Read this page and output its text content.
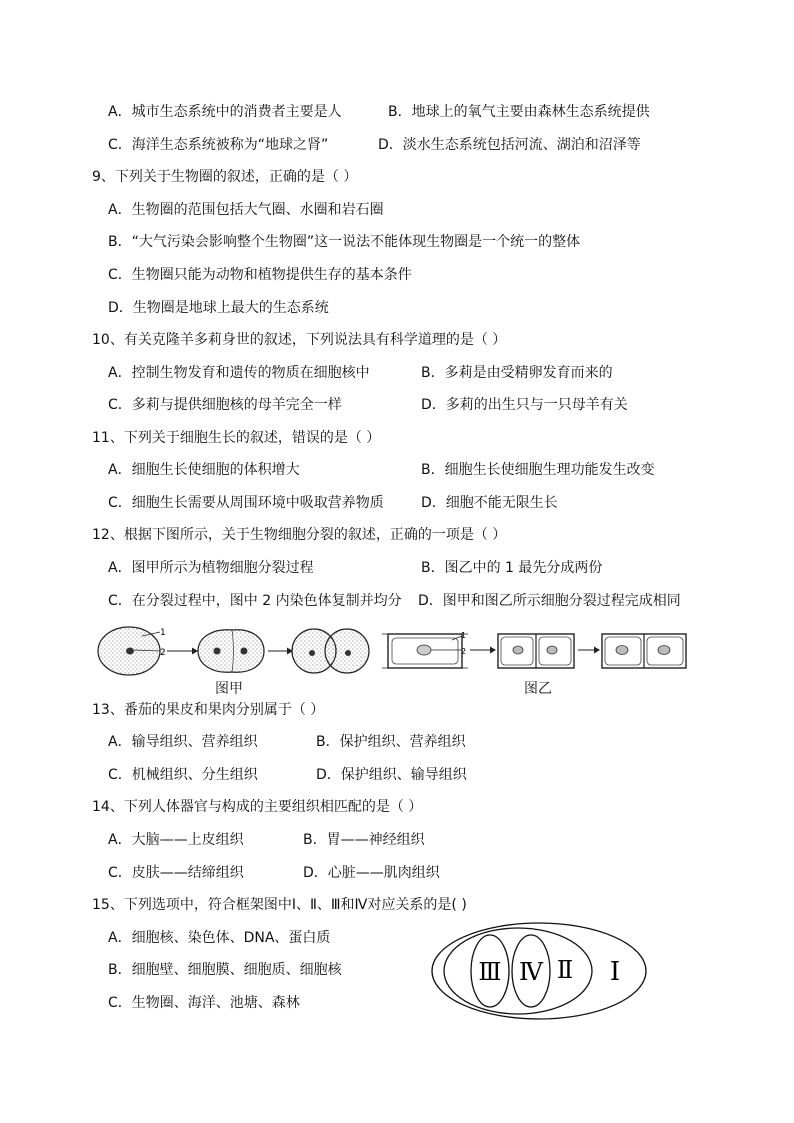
A．城市生态系统中的消费者主要是人	B．地球上的氧气主要由森林生态系统提供
C．海洋生态系统被称为“地球之肾”	D．淡水生态系统包括河流、湖泊和沼泽等
9、下列关于生物圈的叙述，正确的是（ ）
A．生物圈的范围包括大气圈、水圈和岩石圈
B．“大气污染会影响整个生物圈”这一说法不能体现生物圈是一个统一的整体
C．生物圈只能为动物和植物提供生存的基本条件
D．生物圈是地球上最大的生态系统
10、有关克隆羊多莉身世的叙述，下列说法具有科学道理的是（ ）
A．控制生物发育和遗传的物质在细胞核中	B．多莉是由受精卵发育而来的
C．多莉与提供细胞核的母羊完全一样	D．多莉的出生只与一只母羊有关
11、下列关于细胞生长的叙述，错误的是（ ）
A．细胞生长使细胞的体积增大	B．细胞生长使细胞生理功能发生改变
C．细胞生长需要从周围环境中吸取营养物质	D．细胞不能无限生长
12、根据下图所示，关于生物细胞分裂的叙述，正确的一项是（ ）
A．图甲所示为植物细胞分裂过程	B．图乙中的 1 最先分成两份
C．在分裂过程中，图中 2 内染色体复制并均分 D．图甲和图乙所示细胞分裂过程完成相同
1
2
图甲
1
2
图乙
13、番茄的果皮和果肉分别属于（ ）
A．输导组织、营养组织	B．保护组织、营养组织
C．机械组织、分生组织	D．保护组织、输导组织
14、下列人体器官与构成的主要组织相匹配的是（ ）
A．大脑——上皮组织	B．胃——神经组织
C．皮肤——结缔组织	D．心脏——肌肉组织
15、下列选项中，符合框架图中Ⅰ、Ⅱ、Ⅲ和Ⅳ对应关系的是( )
A．细胞核、染色体、DNA、蛋白质
B．细胞壁、细胞膜、细胞质、细胞核
C．生物圈、海洋、池塘、森林
Ⅲ Ⅳ Ⅱ Ⅰ
